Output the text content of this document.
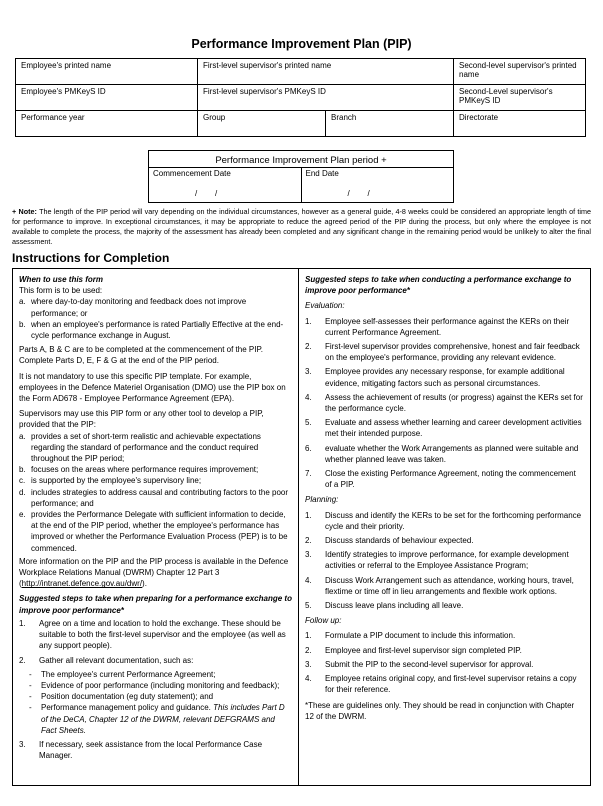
Performance Improvement Plan (PIP)
Employee's printed name	First-level supervisor's printed name		Second-level supervisor's printed name
Employee's PMKeyS ID	First-level supervisor's PMKeyS ID		Second-Level supervisor's PMKeyS ID
Performance year	Group	Branch	Directorate
Performance Improvement Plan period +
Commencement Date
/        /
End Date
/        /
+ Note: The length of the PIP period will vary depending on the individual circumstances, however as a general guide, 4-8 weeks could be considered an appropriate length of time for performance to improve. In exceptional circumstances, it may be appropriate to reduce the agreed period of the PIP during the process, but only where the employee is not available to complete the process, the majority of the assessment has already been completed and any significant change in the remaining period would be unlikely to alter the final assessment.
Instructions for Completion

When to use this form

This form is to be used:

a. where day-to-day monitoring and feedback does not improve performance; or
b. when an employee's performance is rated Partially Effective at the end-cycle performance exchange in August.

Parts A, B & C are to be completed at the commencement of the PIP. Complete Parts D, E, F & G at the end of the PIP period.

It is not mandatory to use this specific PIP template. For example, employees in the Defence Materiel Organisation (DMO) use the PIP box on the Form AD678 - Employee Performance Agreement (EPA).

Supervisors may use this PIP form or any other tool to develop a PIP, provided that the PIP:

a. provides a set of short-term realistic and achievable expectations regarding the standard of performance and the conduct required throughout the PIP period;
b. focuses on the areas where performance requires improvement;
c. is supported by the employee's supervisory line;
d. includes strategies to address causal and contributing factors to the poor performance; and
e. provides the Performance Delegate with sufficient information to decide, at the end of the PIP period, whether the employee's performance has improved or whether the Performance Evaluation Process (PEP) is to be commenced.

More information on the PIP and the PIP process is available in the Defence Workplace Relations Manual (DWRM) Chapter 12 Part 3 (http://intranet.defence.gov.au/dwr/).

Suggested steps to take when preparing for a performance exchange to improve poor performance*

1. Agree on a time and location to hold the exchange. These should be suitable to both the first-level supervisor and the employee (as well as any support people).
2. Gather all relevant documentation, such as:
- The employee's current Performance Agreement;
- Evidence of poor performance (including monitoring and feedback);
- Position documentation (eg duty statement); and
- Performance management policy and guidance. This includes Part D of the DeCA, Chapter 12 of the DWRM, relevant DEFGRAMS and Fact Sheets.
3. If necessary, seek assistance from the local Performance Case Manager.

Suggested steps to take when conducting a performance exchange to improve poor performance*

Evaluation:

1. Employee self-assesses their performance against the KERs on their current Performance Agreement.
2. First-level supervisor provides comprehensive, honest and fair feedback on the employee's performance, providing any relevant evidence.
3. Employee provides any necessary response, for example additional evidence, mitigating factors such as personal circumstances.
4. Assess the achievement of results (or progress) against the KERs set for the performance cycle.
5. Evaluate and assess whether learning and career development activities met their intended purpose.
6. evaluate whether the Work Arrangements as planned were suitable and whether planned leave was taken.
7. Close the existing Performance Agreement, noting the commencement of a PIP.

Planning:

1. Discuss and identify the KERs to be set for the forthcoming performance cycle and their priority.
2. Discuss standards of behaviour expected.
3. Identify strategies to improve performance, for example development activities or referral to the Employee Assistance Program;
4. Discuss Work Arrangement such as attendance, working hours, travel, flextime or time off in lieu arrangements and flexible work options.
5. Discuss leave plans including all leave.

Follow up:

1. Formulate a PIP document to include this information.
2. Employee and first-level supervisor sign completed PIP.
3. Submit the PIP to the second-level supervisor for approval.
4. Employee retains original copy, and first-level supervisor retains a copy for their reference.

*These are guidelines only. They should be read in conjunction with Chapter 12 of the DWRM.
